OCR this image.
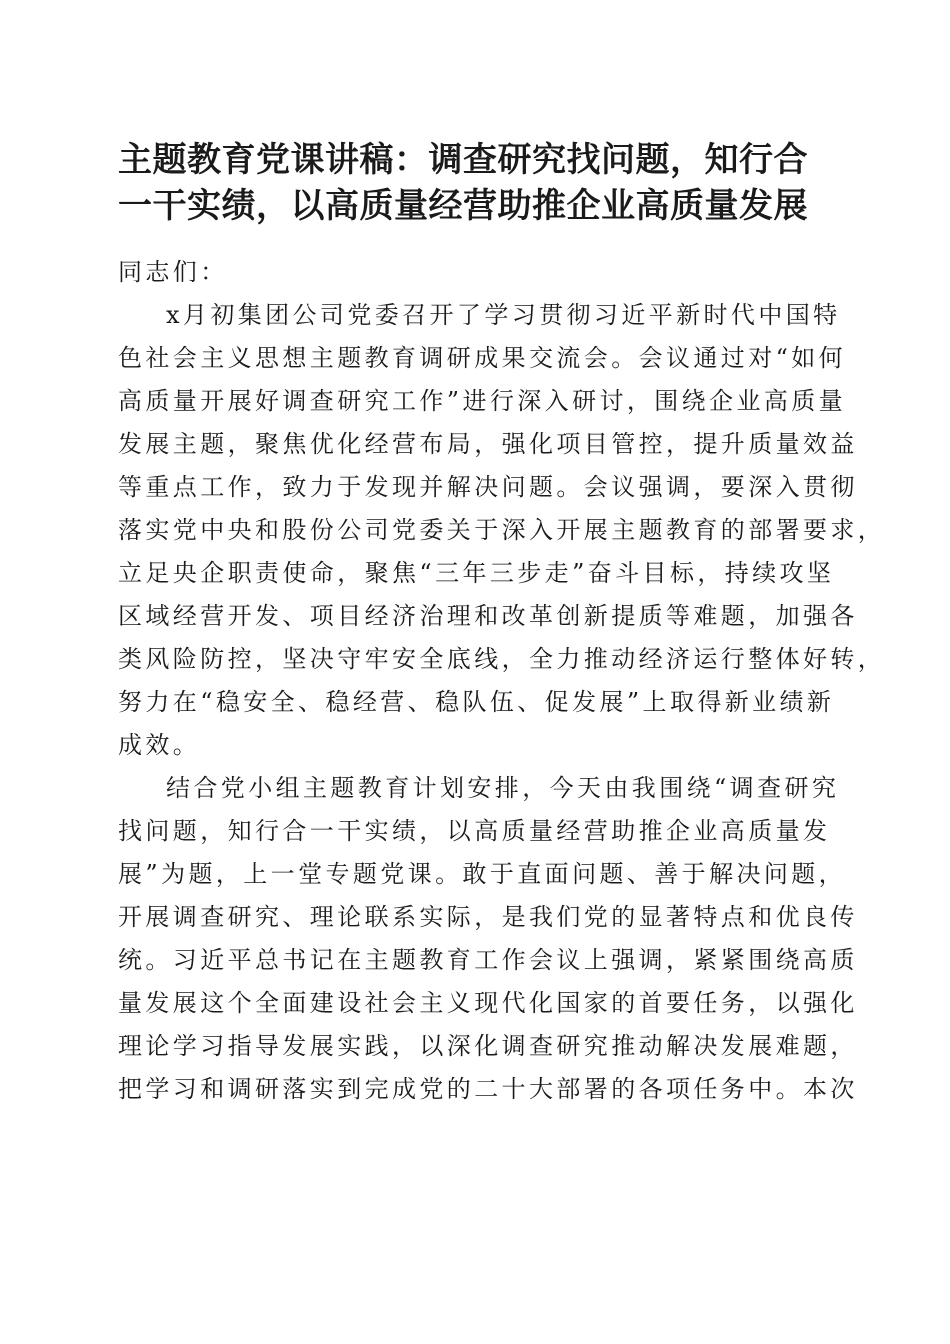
主题教育党课讲稿：调查研究找问题，知行合
一干实绩，以高质量经营助推企业高质量发展
同志们：
x月初集团公司党委召开了学习贯彻习近平新时代中国特
色社会主义思想主题教育调研成果交流会。会议通过对“如何
高质量开展好调查研究工作”进行深入研讨，围绕企业高质量
发展主题，聚焦优化经营布局，强化项目管控，提升质量效益
等重点工作，致力于发现并解决问题。会议强调，要深入贯彻
落实党中央和股份公司党委关于深入开展主题教育的部署要求，
立足央企职责使命，聚焦“三年三步走”奋斗目标，持续攻坚
区域经营开发、项目经济治理和改革创新提质等难题，加强各
类风险防控，坚决守牢安全底线，全力推动经济运行整体好转，
努力在“稳安全、稳经营、稳队伍、促发展”上取得新业绩新
成效。
结合党小组主题教育计划安排，今天由我围绕“调查研究
找问题，知行合一干实绩，以高质量经营助推企业高质量发
展”为题，上一堂专题党课。敢于直面问题、善于解决问题，
开展调查研究、理论联系实际，是我们党的显著特点和优良传
统。习近平总书记在主题教育工作会议上强调，紧紧围绕高质
量发展这个全面建设社会主义现代化国家的首要任务，以强化
理论学习指导发展实践，以深化调查研究推动解决发展难题，
把学习和调研落实到完成党的二十大部署的各项任务中。本次
